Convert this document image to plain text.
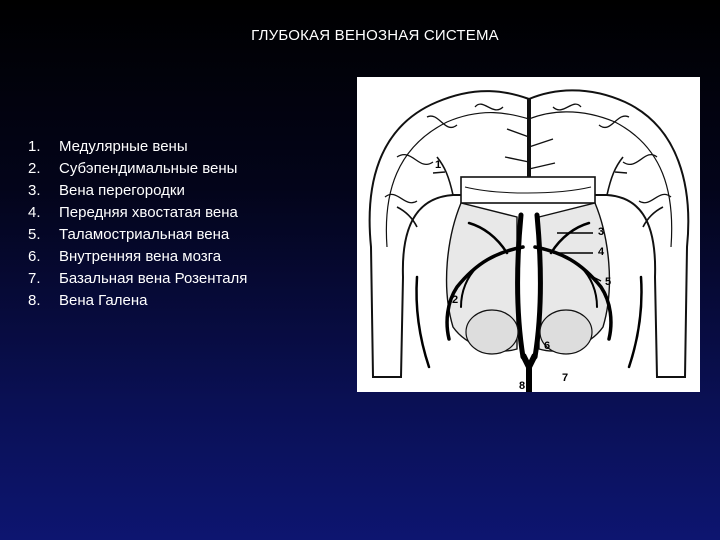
ГЛУБОКАЯ ВЕНОЗНАЯ СИСТЕМА
1. Медулярные вены
2. Субэпендимальные вены
3. Вена перегородки
4. Передняя хвостатая вена
5. Таламостриальная вена
6. Внутренняя вена мозга
7. Базальная вена Розенталя
8. Вена Галена
1
2
3
4
5
6
7
8
